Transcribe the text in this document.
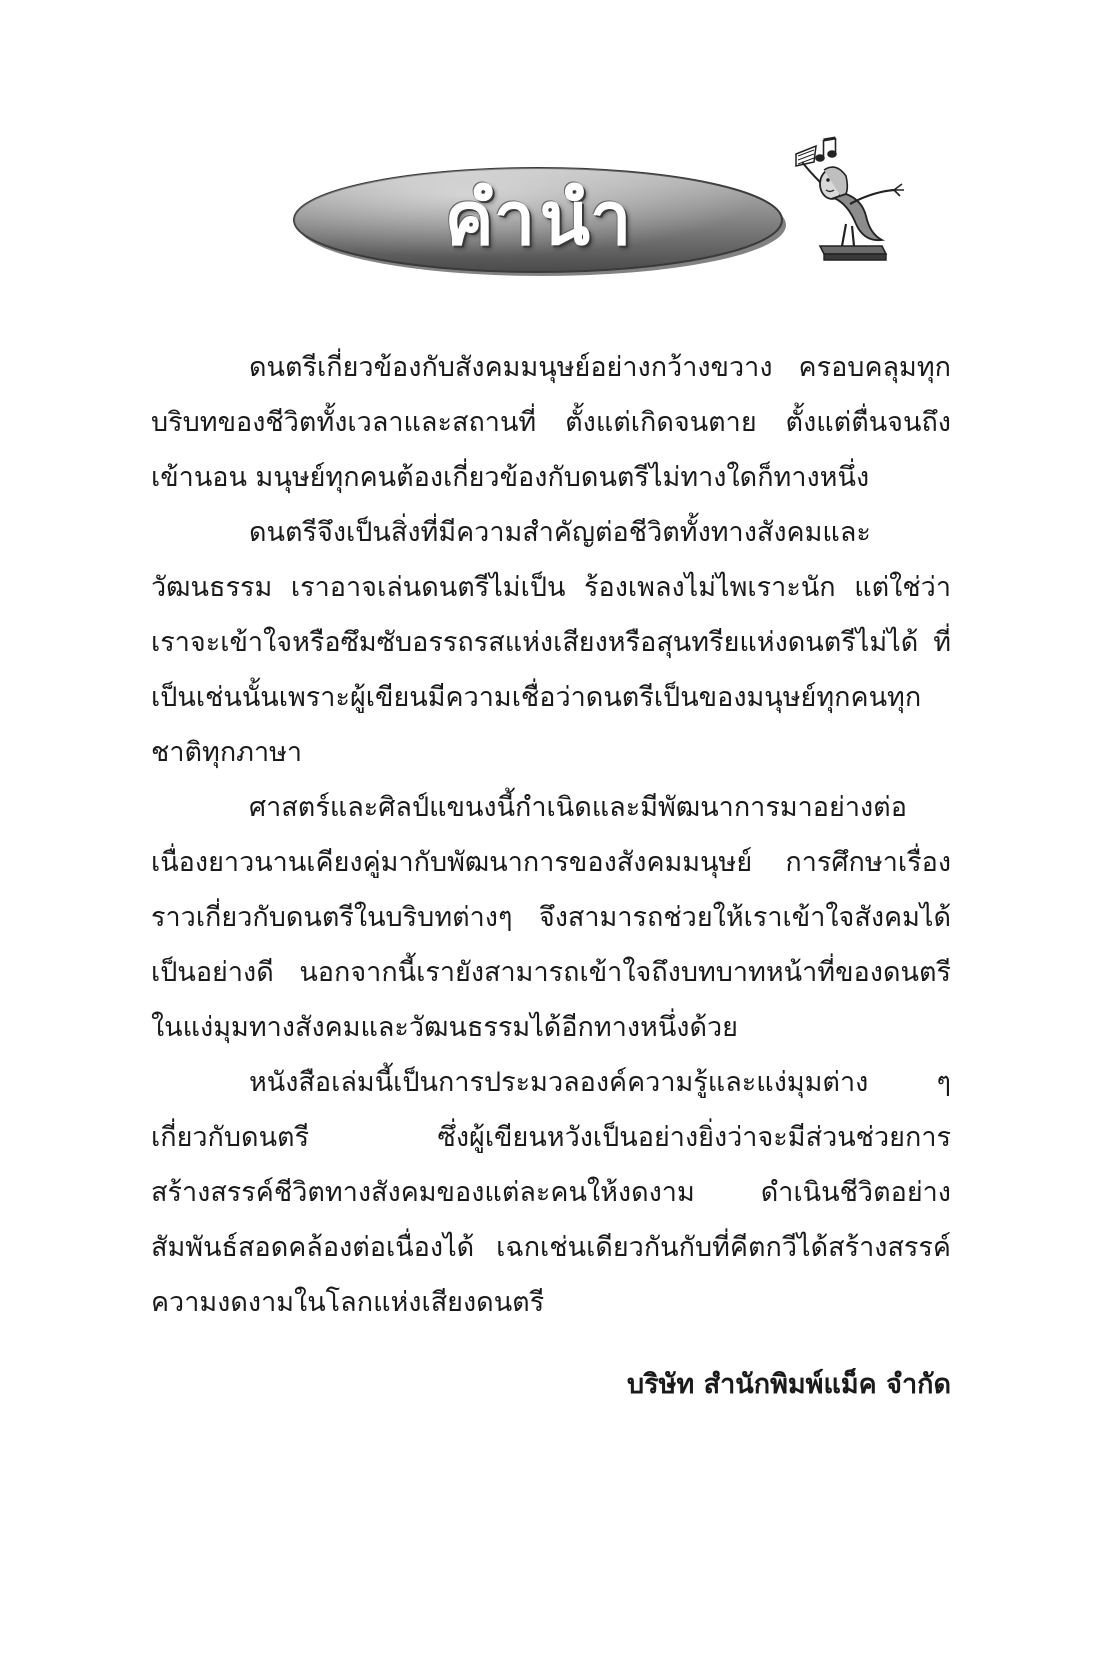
คำนำ

ดนตรีเกี่ยวข้องกับสังคมมนุษย์อย่างกว้างขวาง ครอบคลุมทุกบริบทของชีวิตทั้งเวลาและสถานที่ ตั้งแต่เกิดจนตาย ตั้งแต่ตื่นจนถึงเข้านอน มนุษย์ทุกคนต้องเกี่ยวข้องกับดนตรีไม่ทางใดก็ทางหนึ่ง

ดนตรีจึงเป็นสิ่งที่มีความสำคัญต่อชีวิตทั้งทางสังคมและวัฒนธรรม เราอาจเล่นดนตรีไม่เป็น ร้องเพลงไม่ไพเราะนัก แต่ใช่ว่าเราจะเข้าใจหรือซึมซับอรรถรสแห่งเสียงหรือสุนทรียแห่งดนตรีไม่ได้ ที่เป็นเช่นนั้นเพราะผู้เขียนมีความเชื่อว่าดนตรีเป็นของมนุษย์ทุกคนทุกชาติทุกภาษา

ศาสตร์และศิลป์แขนงนี้กำเนิดและมีพัฒนาการมาอย่างต่อเนื่องยาวนานเคียงคู่มากับพัฒนาการของสังคมมนุษย์ การศึกษาเรื่องราวเกี่ยวกับดนตรีในบริบทต่างๆ จึงสามารถช่วยให้เราเข้าใจสังคมได้เป็นอย่างดี นอกจากนี้เรายังสามารถเข้าใจถึงบทบาทหน้าที่ของดนตรีในแง่มุมทางสังคมและวัฒนธรรมได้อีกทางหนึ่งด้วย

หนังสือเล่มนี้เป็นการประมวลองค์ความรู้และแง่มุมต่าง ๆ เกี่ยวกับดนตรี ซึ่งผู้เขียนหวังเป็นอย่างยิ่งว่าจะมีส่วนช่วยการสร้างสรรค์ชีวิตทางสังคมของแต่ละคนให้งดงาม ดำเนินชีวิตอย่างสัมพันธ์สอดคล้องต่อเนื่องได้ เฉกเช่นเดียวกันกับที่คีตกวีได้สร้างสรรค์ความงดงามในโลกแห่งเสียงดนตรี

บริษัท สำนักพิมพ์แม็ค จำกัด
